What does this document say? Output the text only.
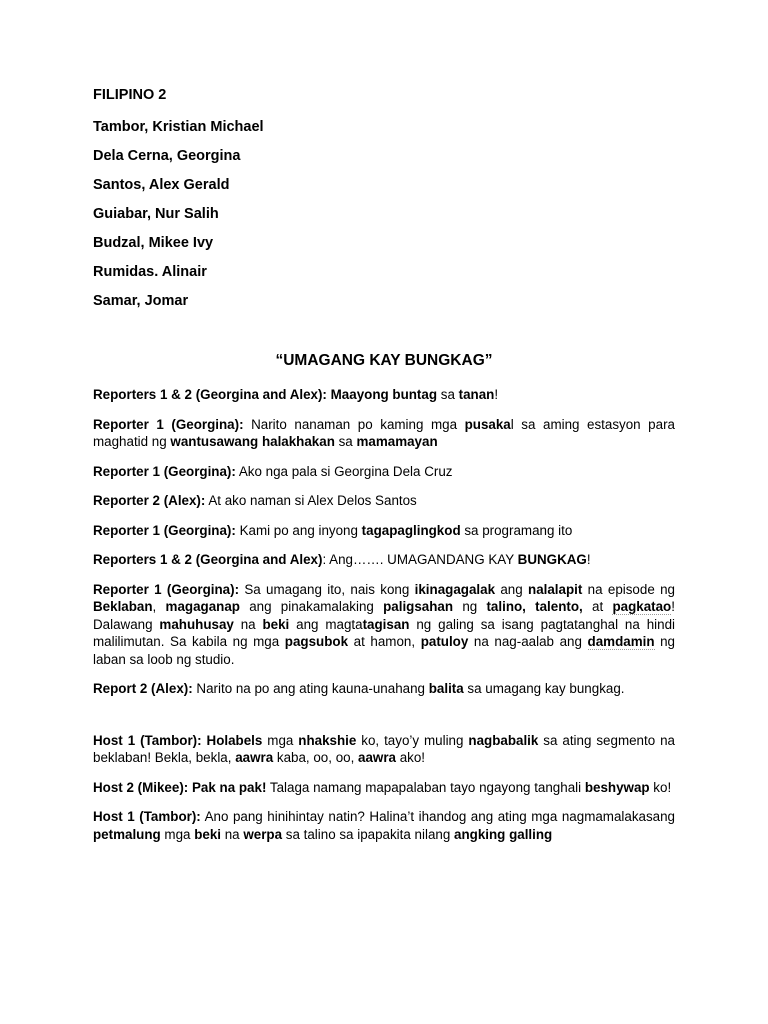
FILIPINO 2

Tambor, Kristian Michael
Dela Cerna, Georgina
Santos, Alex Gerald
Guiabar, Nur Salih
Budzal, Mikee Ivy
Rumidas. Alinair
Samar, Jomar

“UMAGANG KAY BUNGKAG”

Reporters 1 & 2 (Georgina and Alex): Maayong buntag sa tanan!

Reporter 1 (Georgina): Narito nanaman po kaming mga pusakal sa aming estasyon para maghatid ng wantusawang halakhakan sa mamamayan

Reporter 1 (Georgina): Ako nga pala si Georgina Dela Cruz

Reporter 2 (Alex): At ako naman si Alex Delos Santos

Reporter 1 (Georgina): Kami po ang inyong tagapaglingkod sa programang ito

Reporters 1 & 2 (Georgina and Alex): Ang……. UMAGANDANG KAY BUNGKAG!

Reporter 1 (Georgina): Sa umagang ito, nais kong ikinagagalak ang nalalapit na episode ng Beklaban, magaganap ang pinakamalaking paligsahan ng talino, talento, at pagkatao! Dalawang mahuhusay na beki ang magtatagisan ng galing sa isang pagtatanghal na hindi malilimutan. Sa kabila ng mga pagsubok at hamon, patuloy na nag-aalab ang damdamin ng laban sa loob ng studio.

Report 2 (Alex): Narito na po ang ating kauna-unahang balita sa umagang kay bungkag.

Host 1 (Tambor): Holabels mga nhakshie ko, tayo’y muling nagbabalik sa ating segmento na beklaban! Bekla, bekla, aawra kaba, oo, oo, aawra ako!

Host 2 (Mikee): Pak na pak! Talaga namang mapapalaban tayo ngayong tanghali beshywap ko!

Host 1 (Tambor): Ano pang hinihintay natin? Halina’t ihandog ang ating mga nagmamalakasang petmalung mga beki na werpa sa talino sa ipapakita nilang angking galling
